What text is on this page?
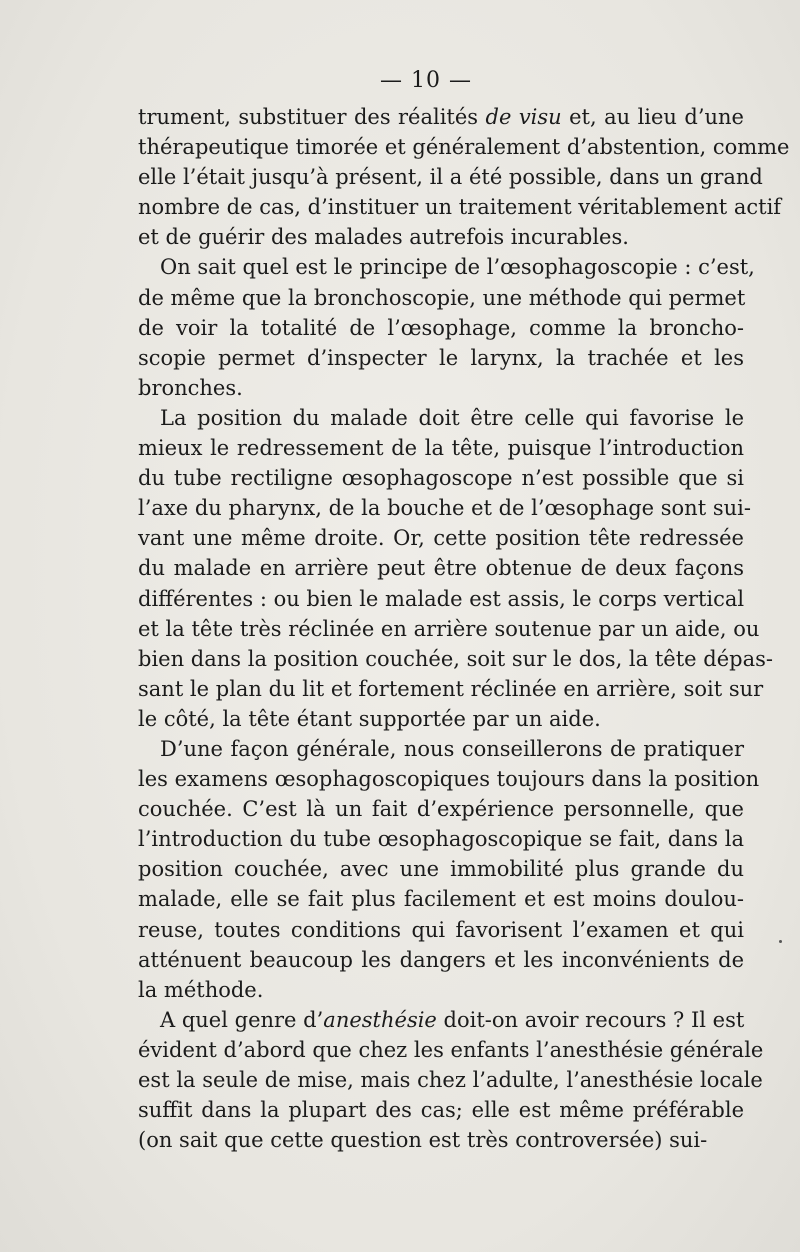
— 10 —

trument, substituer des réalités de visu et, au lieu d’une
thérapeutique timorée et généralement d’abstention, comme
elle l’était jusqu’à présent, il a été possible, dans un grand
nombre de cas, d’instituer un traitement véritablement actif
et de guérir des malades autrefois incurables.

On sait quel est le principe de l’œsophagoscopie : c’est,
de même que la bronchoscopie, une méthode qui permet
de voir la totalité de l’œsophage, comme la broncho-
scopie permet d’inspecter le larynx, la trachée et les
bronches.

La position du malade doit être celle qui favorise le
mieux le redressement de la tête, puisque l’introduction
du tube rectiligne œsophagoscope n’est possible que si
l’axe du pharynx, de la bouche et de l’œsophage sont sui-
vant une même droite. Or, cette position tête redressée
du malade en arrière peut être obtenue de deux façons
différentes : ou bien le malade est assis, le corps vertical
et la tête très réclinée en arrière soutenue par un aide, ou
bien dans la position couchée, soit sur le dos, la tête dépas-
sant le plan du lit et fortement réclinée en arrière, soit sur
le côté, la tête étant supportée par un aide.

D’une façon générale, nous conseillerons de pratiquer
les examens œsophagoscopiques toujours dans la position
couchée. C’est là un fait d’expérience personnelle, que
l’introduction du tube œsophagoscopique se fait, dans la
position couchée, avec une immobilité plus grande du
malade, elle se fait plus facilement et est moins doulou-
reuse, toutes conditions qui favorisent l’examen et qui
atténuent beaucoup les dangers et les inconvénients de
la méthode.

A quel genre d’anesthésie doit-on avoir recours ? Il est
évident d’abord que chez les enfants l’anesthésie générale
est la seule de mise, mais chez l’adulte, l’anesthésie locale
suffit dans la plupart des cas; elle est même préférable
(on sait que cette question est très controversée) sui-
